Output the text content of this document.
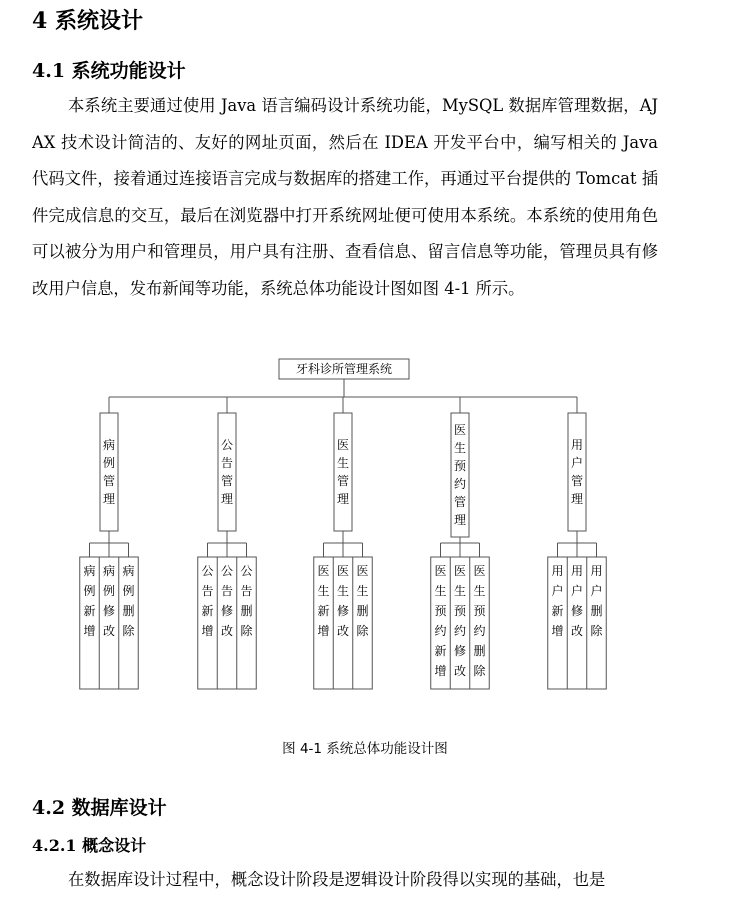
4 系统设计
4.1 系统功能设计

本系统主要通过使用 Java 语言编码设计系统功能，MySQL 数据库管理数据，AJAX 技术设计简洁的、友好的网址页面，然后在 IDEA 开发平台中，编写相关的 Java 代码文件，接着通过连接语言完成与数据库的搭建工作，再通过平台提供的 Tomcat 插件完成信息的交互，最后在浏览器中打开系统网址便可使用本系统。本系统的使用角色可以被分为用户和管理员，用户具有注册、查看信息、留言信息等功能，管理员具有修改用户信息，发布新闻等功能，系统总体功能设计图如图 4-1 所示。

牙科诊所管理系统
病
例
管
理
病
例
新
增
病
例
修
改
病
例
删
除
公
告
管
理
公
告
新
增
公
告
修
改
公
告
删
除
医
生
管
理
医
生
新
增
医
生
修
改
医
生
删
除
医
生
预
约
管
理
医
生
预
约
新
增
医
生
预
约
修
改
医
生
预
约
删
除
用
户
管
理
用
户
新
增
用
户
修
改
用
户
删
除

图 4-1 系统总体功能设计图

4.2 数据库设计
4.2.1 概念设计

在数据库设计过程中，概念设计阶段是逻辑设计阶段得以实现的基础，也是
